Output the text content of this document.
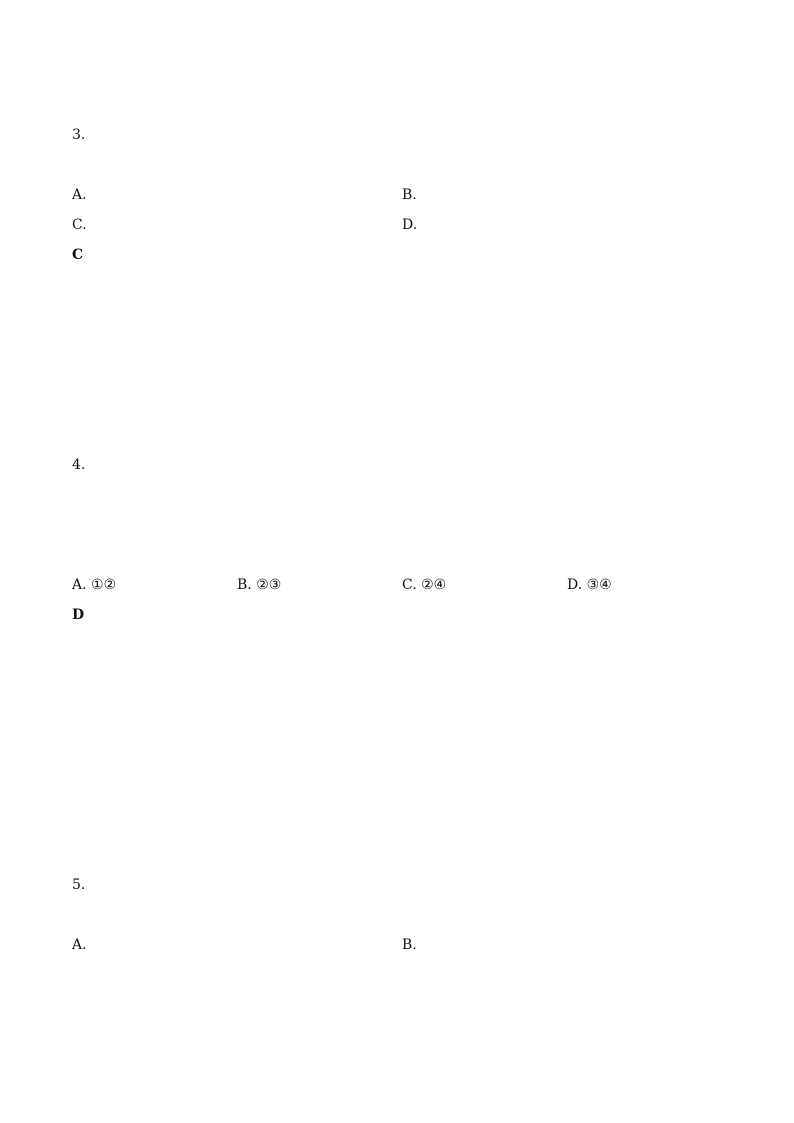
3.
A.	B.
C.	D.
C
4.
A. ①②	B. ②③	C. ②④	D. ③④
D
5.
A.	B.
